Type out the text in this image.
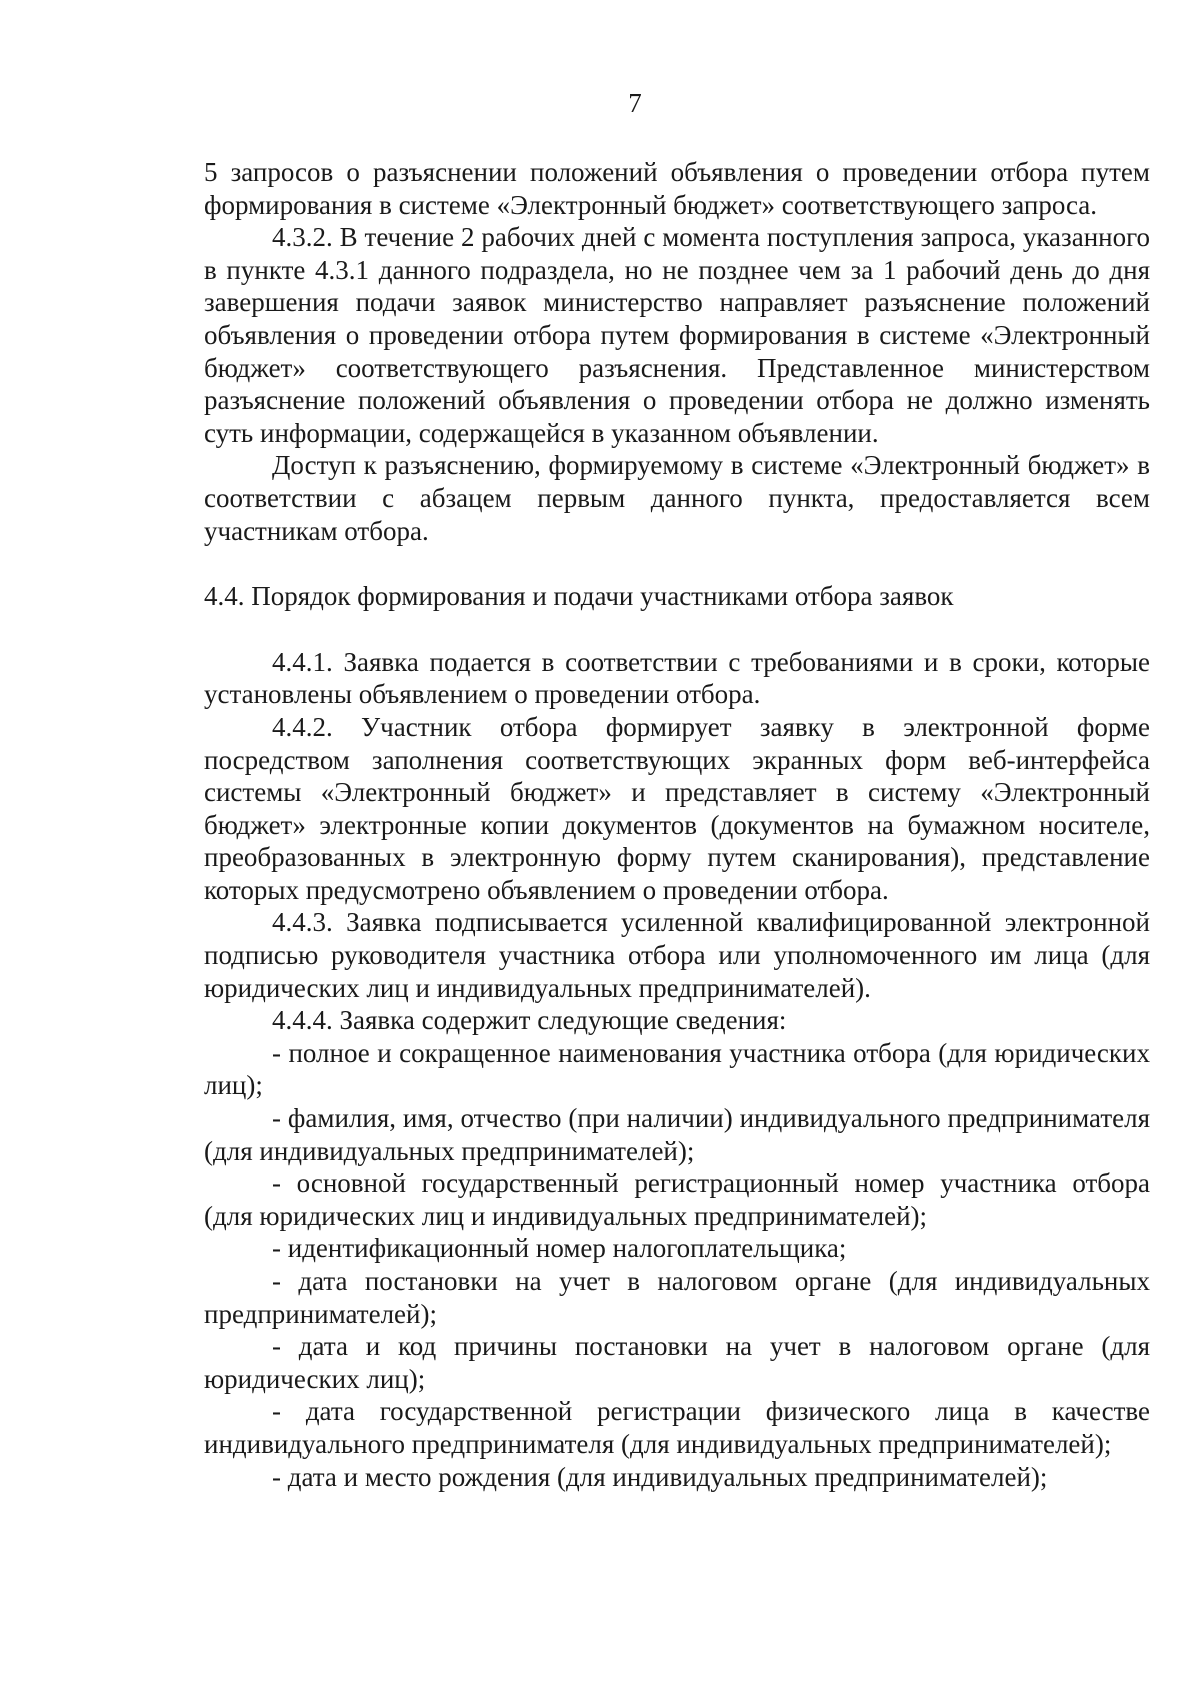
7

5 запросов о разъяснении положений объявления о проведении отбора путем формирования в системе «Электронный бюджет» соответствующего запроса.

4.3.2. В течение 2 рабочих дней с момента поступления запроса, указанного в пункте 4.3.1 данного подраздела, но не позднее чем за 1 рабочий день до дня завершения подачи заявок министерство направляет разъяснение положений объявления о проведении отбора путем формирования в системе «Электронный бюджет» соответствующего разъяснения. Представленное министерством разъяснение положений объявления о проведении отбора не должно изменять суть информации, содержащейся в указанном объявлении.

Доступ к разъяснению, формируемому в системе «Электронный бюджет» в соответствии с абзацем первым данного пункта, предоставляется всем участникам отбора.

4.4. Порядок формирования и подачи участниками отбора заявок

4.4.1. Заявка подается в соответствии с требованиями и в сроки, которые установлены объявлением о проведении отбора.

4.4.2. Участник отбора формирует заявку в электронной форме посредством заполнения соответствующих экранных форм веб-интерфейса системы «Электронный бюджет» и представляет в систему «Электронный бюджет» электронные копии документов (документов на бумажном носителе, преобразованных в электронную форму путем сканирования), представление которых предусмотрено объявлением о проведении отбора.

4.4.3. Заявка подписывается усиленной квалифицированной электронной подписью руководителя участника отбора или уполномоченного им лица (для юридических лиц и индивидуальных предпринимателей).

4.4.4. Заявка содержит следующие сведения:

- полное и сокращенное наименования участника отбора (для юридических лиц);

- фамилия, имя, отчество (при наличии) индивидуального предпринимателя (для индивидуальных предпринимателей);

- основной государственный регистрационный номер участника отбора (для юридических лиц и индивидуальных предпринимателей);

- идентификационный номер налогоплательщика;

- дата постановки на учет в налоговом органе (для индивидуальных предпринимателей);

- дата и код причины постановки на учет в налоговом органе (для юридических лиц);

- дата государственной регистрации физического лица в качестве индивидуального предпринимателя (для индивидуальных предпринимателей);

- дата и место рождения (для индивидуальных предпринимателей);
